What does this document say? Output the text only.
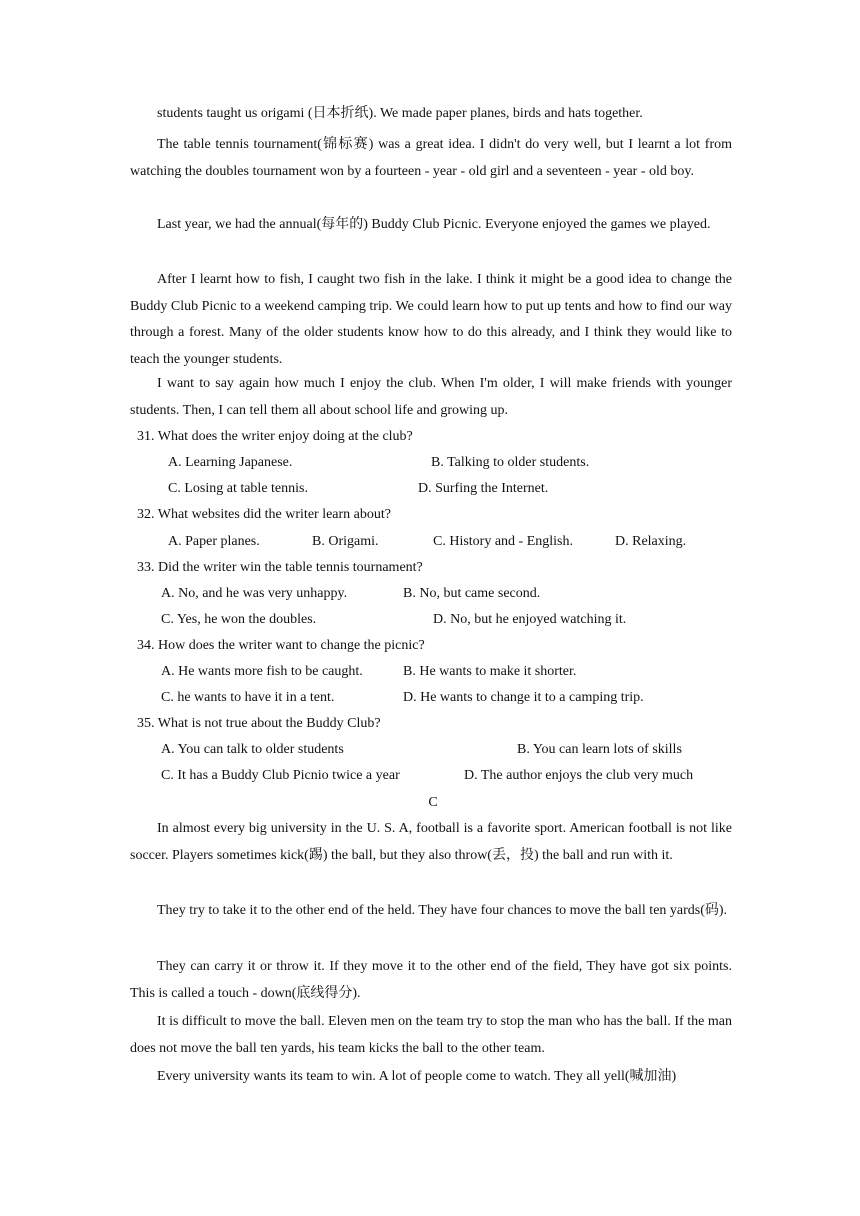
students taught us origami (日本折纸). We made paper planes, birds and hats together.

The table tennis tournament(锦标赛) was a great idea. I didn't do very well, but I learnt a lot from watching the doubles tournament won by a fourteen - year - old girl and a seventeen - year - old boy.

Last year, we had the annual(每年的) Buddy Club Picnic. Everyone enjoyed the games we played.

After I learnt how to fish, I caught two fish in the lake. I think it might be a good idea to change the Buddy Club Picnic to a weekend camping trip. We could learn how to put up tents and how to find our way through a forest. Many of the older students know how to do this already, and I think they would like to teach the younger students.

I want to say again how much I enjoy the club. When I'm older, I will make friends with younger students. Then, I can tell them all about school life and growing up.

31. What does the writer enjoy doing at the club?
A. Learning Japanese.	B. Talking to older students.
C. Losing at table tennis.	D. Surfing the Internet.
32. What websites did the writer learn about?
A. Paper planes.	B. Origami.	C. History and - English.	D. Relaxing.
33. Did the writer win the table tennis tournament?
A. No, and he was very unhappy.	B. No, but came second.
C. Yes, he won the doubles.	D. No, but he enjoyed watching it.
34. How does the writer want to change the picnic?
A. He wants more fish to be caught.	B. He wants to make it shorter.
C. he wants to have it in a tent.	D. He wants to change it to a camping trip.
35. What is not true about the Buddy Club?
A. You can talk to older students	B. You can learn lots of skills
C. It has a Buddy Club Picnio twice a year	D. The author enjoys the club very much
C

In almost every big university in the U. S. A, football is a favorite sport. American football is not like soccer. Players sometimes kick(踢) the ball, but they also throw(丢，投) the ball and run with it.

They try to take it to the other end of the held. They have four chances to move the ball ten yards(码).

They can carry it or throw it. If they move it to the other end of the field, They have got six points. This is called a touch - down(底线得分).

It is difficult to move the ball. Eleven men on the team try to stop the man who has the ball. If the man does not move the ball ten yards, his team kicks the ball to the other team.

Every university wants its team to win. A lot of people come to watch. They all yell(喊加油)
